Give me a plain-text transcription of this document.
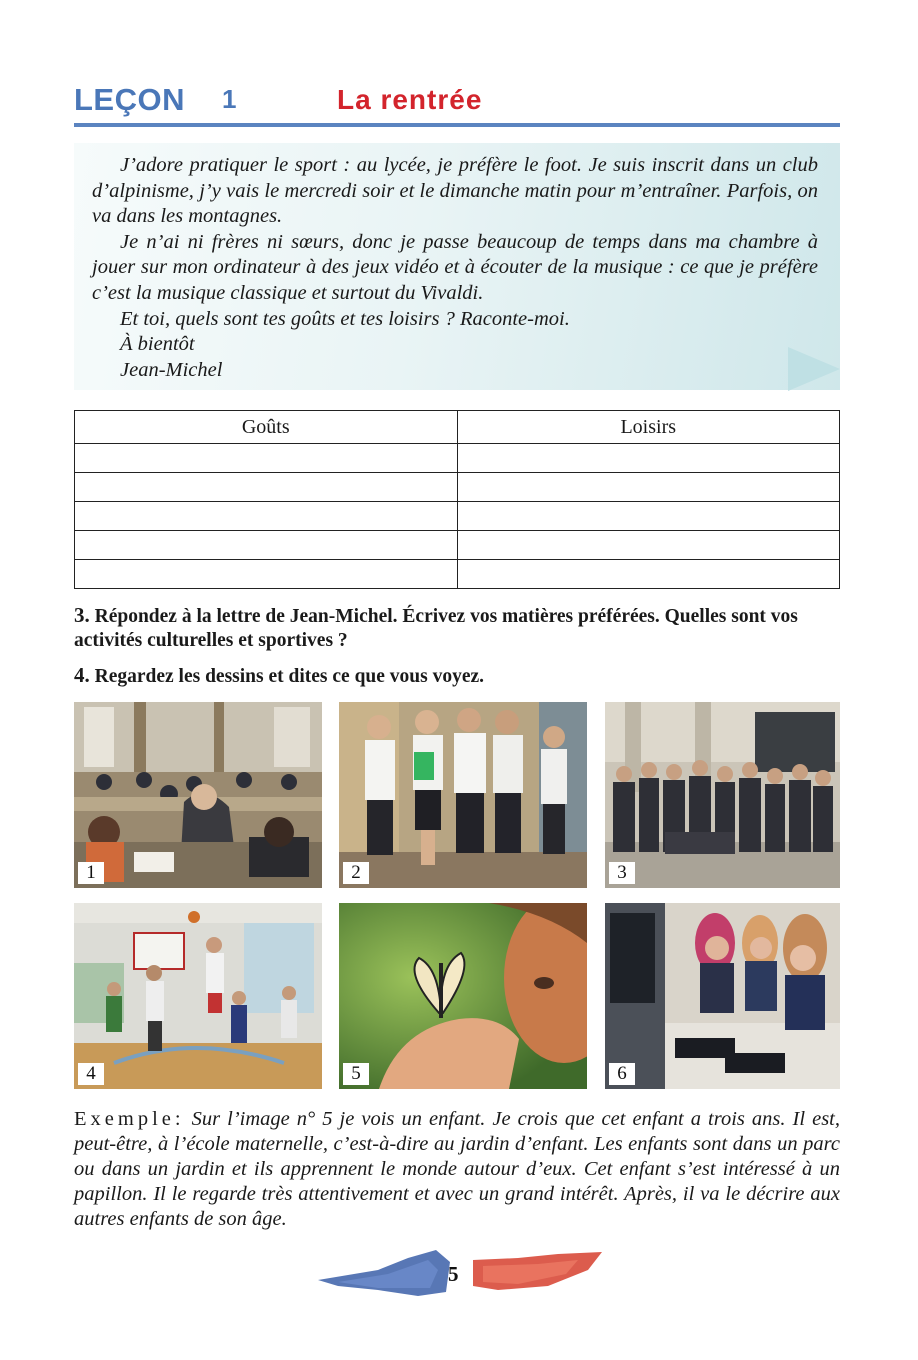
LEÇON 1	La rentrée

J’adore pratiquer le sport : au lycée, je préfère le foot. Je suis inscrit dans un club d’alpinisme, j’y vais le mercredi soir et le dimanche matin pour m’entraîner. Parfois, on va dans les montagnes.

Je n’ai ni frères ni sœurs, donc je passe beaucoup de temps dans ma chambre à jouer sur mon ordinateur à des jeux vidéo et à écouter de la musique : ce que je préfère c’est la musique classique et surtout du Vivaldi.

Et toi, quels sont tes goûts et tes loisirs ? Raconte-moi.

À bientôt

Jean-Michel

Goûts	Loisirs

3. Répondez à la lettre de Jean-Michel. Écrivez vos matières préférées. Quelles sont vos activités culturelles et sportives ?
4. Regardez les dessins et dites ce que vous voyez.
1	2	3
4	5	6
Exemple: Sur l’image n° 5 je vois un enfant. Je crois que cet enfant a trois ans. Il est, peut-être, à l’école maternelle, c’est-à-dire au jardin d’enfant. Les enfants sont dans un parc ou dans un jardin et ils apprennent le monde autour d’eux. Cet enfant s’est intéressé à un papillon. Il le regarde très attentivement et avec un grand intérêt. Après, il va le décrire aux autres enfants de son âge.
5
